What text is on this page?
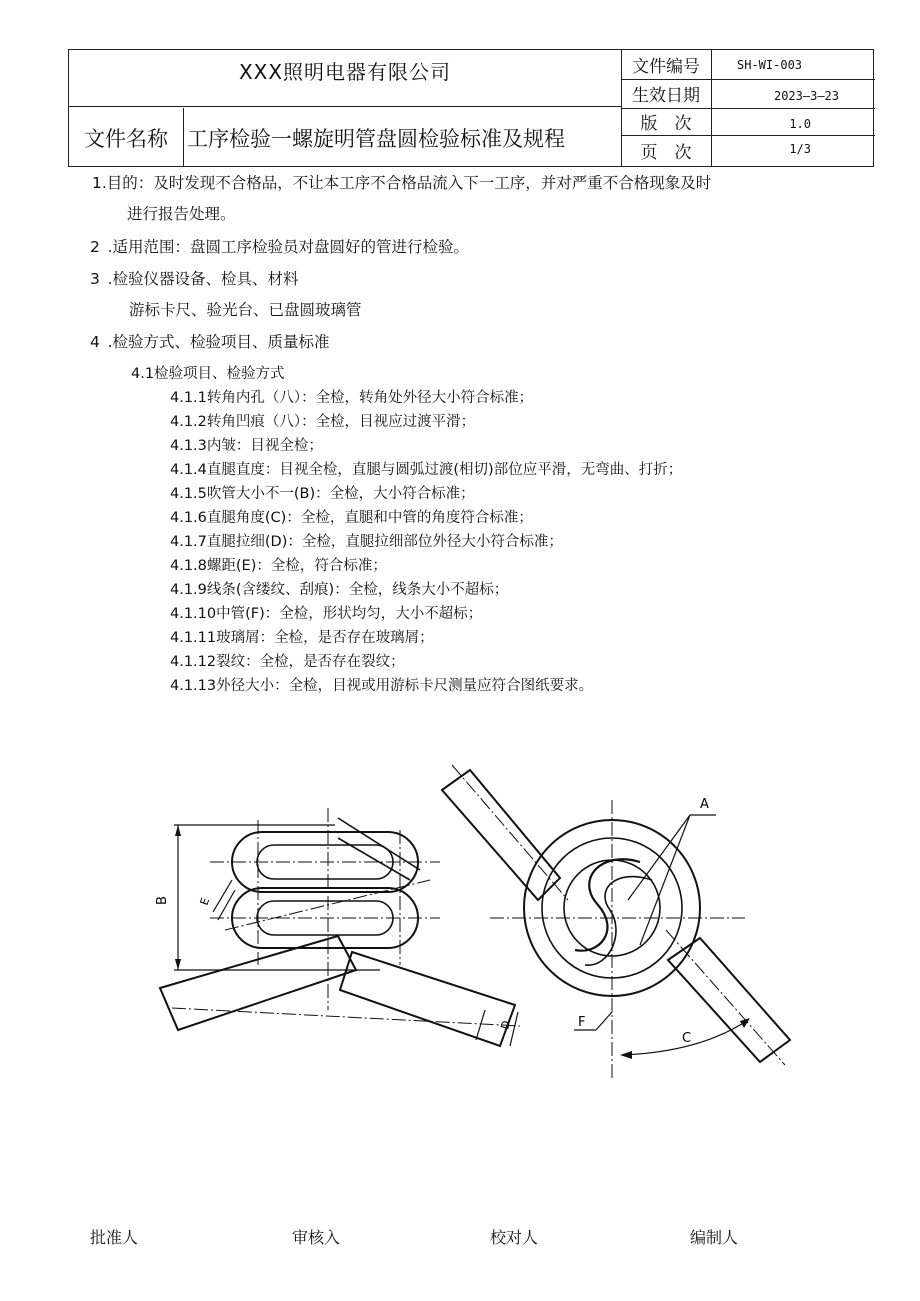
XXX照明电器有限公司
文件名称 工序检验一螺旋明管盘圆检验标准及规程
文件编号	SH-WI-003
生效日期	2023—3—23
版　次	1.0
页　次	1/3
1.目的：及时发现不合格品，不让本工序不合格品流入下一工序，并对严重不合格现象及时
进行报告处理。
2 .适用范围：盘圆工序检验员对盘圆好的管进行检验。
3 .检验仪器设备、检具、材料
游标卡尺、验光台、已盘圆玻璃管
4 .检验方式、检验项目、质量标准
4.1检验项目、检验方式
4.1.1转角内孔（八）：全检，转角处外径大小符合标准；
4.1.2转角凹痕（八）：全检，目视应过渡平滑；
4.1.3内皱：目视全检；
4.1.4直腿直度：目视全检，直腿与圆弧过渡(相切)部位应平滑，无弯曲、打折；
4.1.5吹管大小不一(B)：全检，大小符合标准；
4.1.6直腿角度(C)：全检，直腿和中管的角度符合标准；
4.1.7直腿拉细(D)：全检，直腿拉细部位外径大小符合标准；
4.1.8螺距(E)：全检，符合标准；
4.1.9线条(含缕纹、刮痕)：全检，线条大小不超标；
4.1.10中管(F)：全检，形状均匀，大小不超标；
4.1.11玻璃屑：全检，是否存在玻璃屑；
4.1.12裂纹：全检，是否存在裂纹；
4.1.13外径大小：全检，目视或用游标卡尺测量应符合图纸要求。
B	E
D
A
F
C
批准人	审核入	校对人	编制人
